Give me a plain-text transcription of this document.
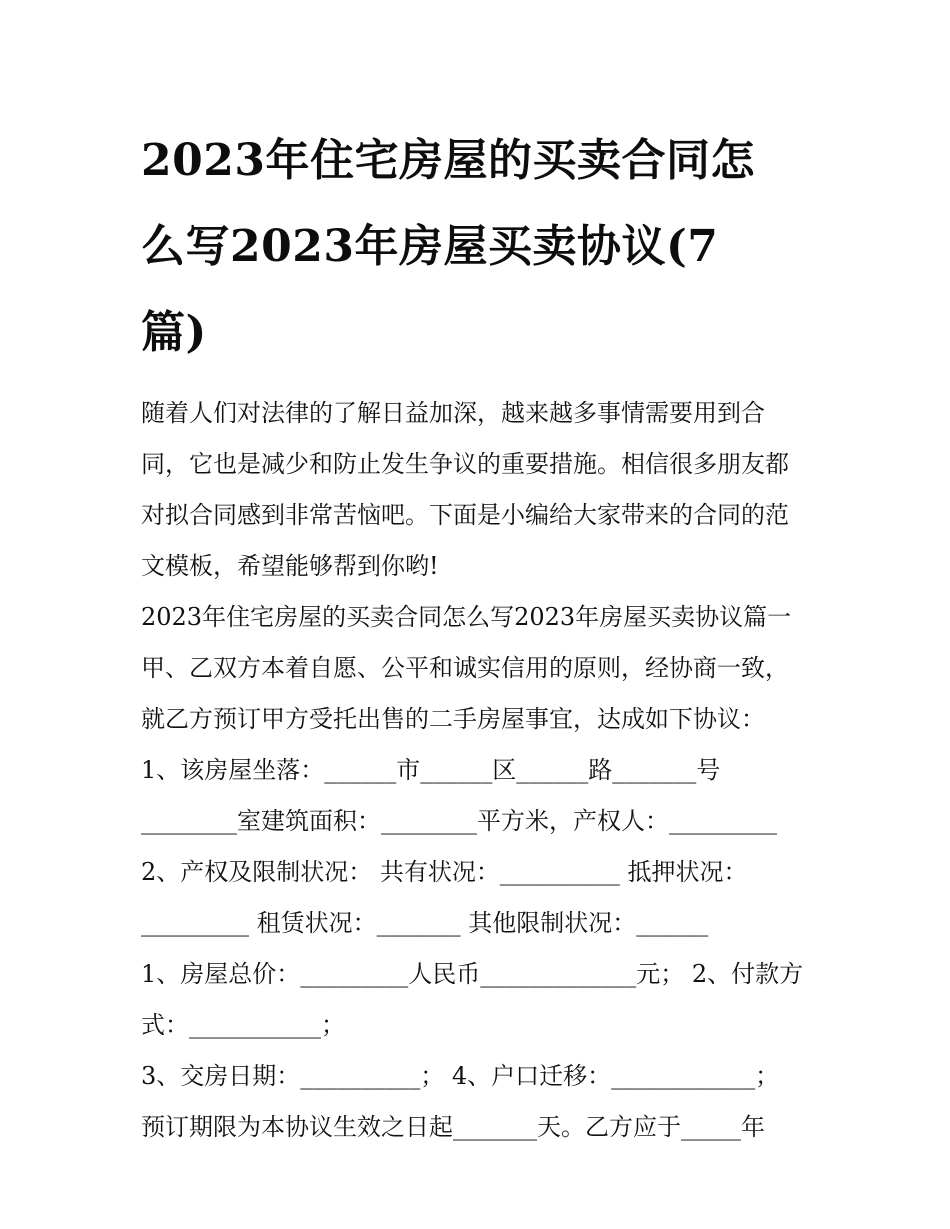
2023年住宅房屋的买卖合同怎
么写2023年房屋买卖协议(7
篇)
随着人们对法律的了解日益加深，越来越多事情需要用到合
同，它也是减少和防止发生争议的重要措施。相信很多朋友都
对拟合同感到非常苦恼吧。下面是小编给大家带来的合同的范
文模板，希望能够帮到你哟!
2023年住宅房屋的买卖合同怎么写2023年房屋买卖协议篇一
甲、乙双方本着自愿、公平和诚实信用的原则，经协商一致，
就乙方预订甲方受托出售的二手房屋事宜，达成如下协议：
1、该房屋坐落：______市______区______路_______号
________室建筑面积：________平方米，产权人：_________
2、产权及限制状况： 共有状况：__________ 抵押状况：
_________ 租赁状况：_______ 其他限制状况：______
1、房屋总价：_________人民币_____________元； 2、付款方
式：___________；
3、交房日期：__________； 4、户口迁移：____________；
预订期限为本协议生效之日起_______天。乙方应于_____年
